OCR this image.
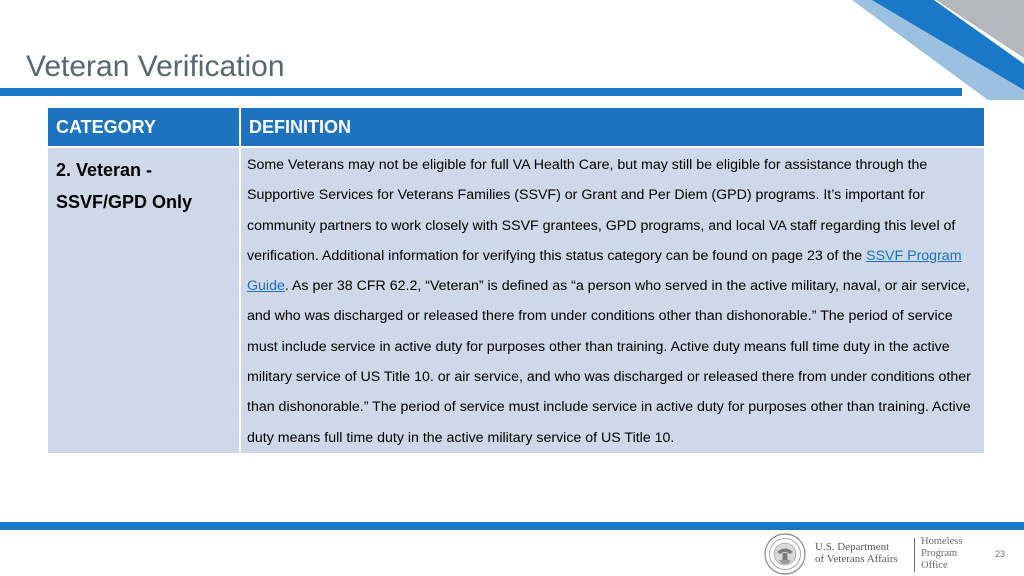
Veteran Verification
CATEGORY	DEFINITION

2. Veteran -
SSVF/GPD Only	Some Veterans may not be eligible for full VA Health Care, but may still be eligible for assistance through the Supportive Services for Veterans Families (SSVF) or Grant and Per Diem (GPD) programs. It’s important for community partners to work closely with SSVF grantees, GPD programs, and local VA staff regarding this level of verification. Additional information for verifying this status category can be found on page 23 of the SSVF Program Guide. As per 38 CFR 62.2, “Veteran” is defined as “a person who served in the active military, naval, or air service, and who was discharged or released there from under conditions other than dishonorable.” The period of service must include service in active duty for purposes other than training. Active duty means full time duty in the active military service of US Title 10. or air service, and who was discharged or released there from under conditions other than dishonorable.” The period of service must include service in active duty for purposes other than training. Active duty means full time duty in the active military service of US Title 10.
U.S. Department
of Veterans Affairs
Homeless
Program
Office
23
